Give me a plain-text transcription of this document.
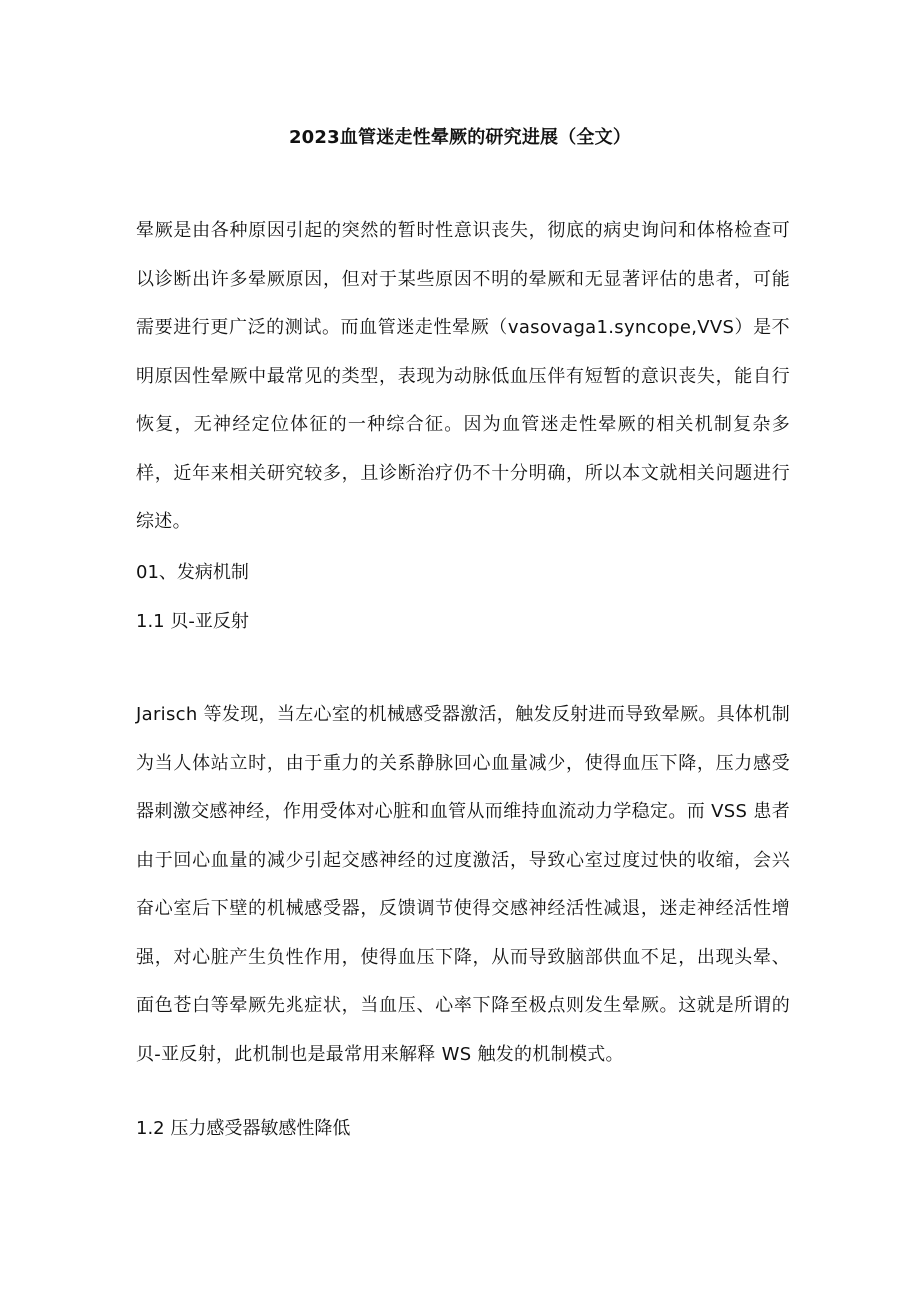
2023血管迷走性晕厥的研究进展（全文）

晕厥是由各种原因引起的突然的暂时性意识丧失，彻底的病史询问和体格检查可以诊断出许多晕厥原因，但对于某些原因不明的晕厥和无显著评估的患者，可能需要进行更广泛的测试。而血管迷走性晕厥（vasovaga1.syncope,VVS）是不明原因性晕厥中最常见的类型，表现为动脉低血压伴有短暂的意识丧失，能自行恢复，无神经定位体征的一种综合征。因为血管迷走性晕厥的相关机制复杂多样，近年来相关研究较多，且诊断治疗仍不十分明确，所以本文就相关问题进行综述。

01、发病机制
1.1 贝-亚反射

Jarisch 等发现，当左心室的机械感受器激活，触发反射进而导致晕厥。具体机制为当人体站立时，由于重力的关系静脉回心血量减少，使得血压下降，压力感受器刺激交感神经，作用受体对心脏和血管从而维持血流动力学稳定。而 VSS 患者由于回心血量的减少引起交感神经的过度激活，导致心室过度过快的收缩，会兴奋心室后下壁的机械感受器，反馈调节使得交感神经活性减退，迷走神经活性增强，对心脏产生负性作用，使得血压下降，从而导致脑部供血不足，出现头晕、面色苍白等晕厥先兆症状，当血压、心率下降至极点则发生晕厥。这就是所谓的贝-亚反射，此机制也是最常用来解释 WS 触发的机制模式。

1.2 压力感受器敏感性降低
